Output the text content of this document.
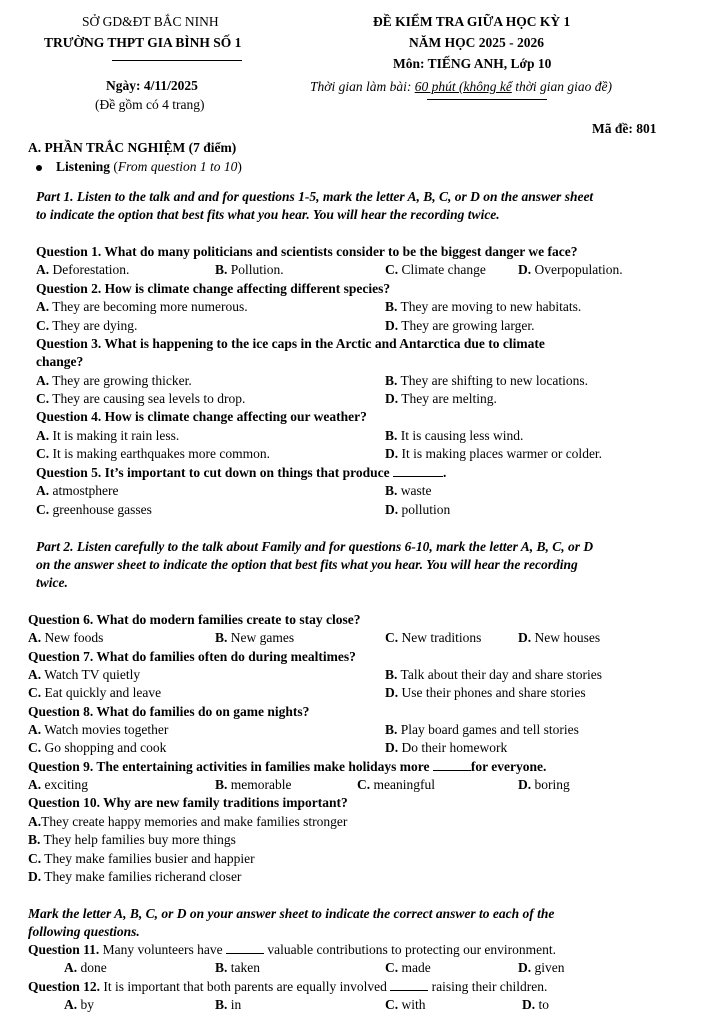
SỞ GD&ĐT BẮC NINH
TRƯỜNG THPT GIA BÌNH SỐ 1
Ngày: 4/11/2025
(Đề gồm có 4 trang)
ĐỀ KIỂM TRA GIỮA HỌC KỲ 1
NĂM HỌC 2025 - 2026
Môn: TIẾNG ANH, Lớp 10
Thời gian làm bài: 60 phút (không kể thời gian giao đề)
Mã đề: 801
A. PHẦN TRẮC NGHIỆM (7 điểm)
Listening (From question 1 to 10)
Part 1. Listen to the talk and and for questions 1-5, mark the letter A, B, C, or D on the answer sheet
to indicate the option that best fits what you hear. You will hear the recording twice.
Question 1. What do many politicians and scientists consider to be the biggest danger we face?
A. Deforestation.	B. Pollution.	C. Climate change D. Overpopulation.
Question 2. How is climate change affecting different species?
A. They are becoming more numerous.	B. They are moving to new habitats.
C. They are dying.	D. They are growing larger.
Question 3. What is happening to the ice caps in the Arctic and Antarctica due to climate
change?
A. They are growing thicker.	B. They are shifting to new locations.
C. They are causing sea levels to drop.	D. They are melting.
Question 4. How is climate change affecting our weather?
A. It is making it rain less.	B. It is causing less wind.
C. It is making earthquakes more common.	D. It is making places warmer or colder.
Question 5. It’s important to cut down on things that produce	.
A. atmostphere	B. waste
C. greenhouse gasses	D. pollution
Part 2. Listen carefully to the talk about Family and for questions 6-10, mark the letter A, B, C, or D
on the answer sheet to indicate the option that best fits what you hear. You will hear the recording
twice.
Question 6. What do modern families create to stay close?
A. New foods	B. New games	C. New traditions	D. New houses
Question 7. What do families often do during mealtimes?
A. Watch TV quietly	B. Talk about their day and share stories
C. Eat quickly and leave	D. Use their phones and share stories
Question 8. What do families do on game nights?
A. Watch movies together	B. Play board games and tell stories
C. Go shopping and cook	D. Do their homework
Question 9. The entertaining activities in families make holidays more	for everyone.
A. exciting	B. memorable	C. meaningful	D. boring
Question 10. Why are new family traditions important?
A.They create happy memories and make families stronger
B. They help families buy more things
C. They make families busier and happier
D. They make families richerand closer
Mark the letter A, B, C, or D on your answer sheet to indicate the correct answer to each of the
following questions.
Question 11. Many volunteers have	valuable contributions to protecting our environment.
A. done	B. taken	C. made	D. given
Question 12. It is important that both parents are equally involved	raising their children.
A. by	B. in	C. with	D. to
